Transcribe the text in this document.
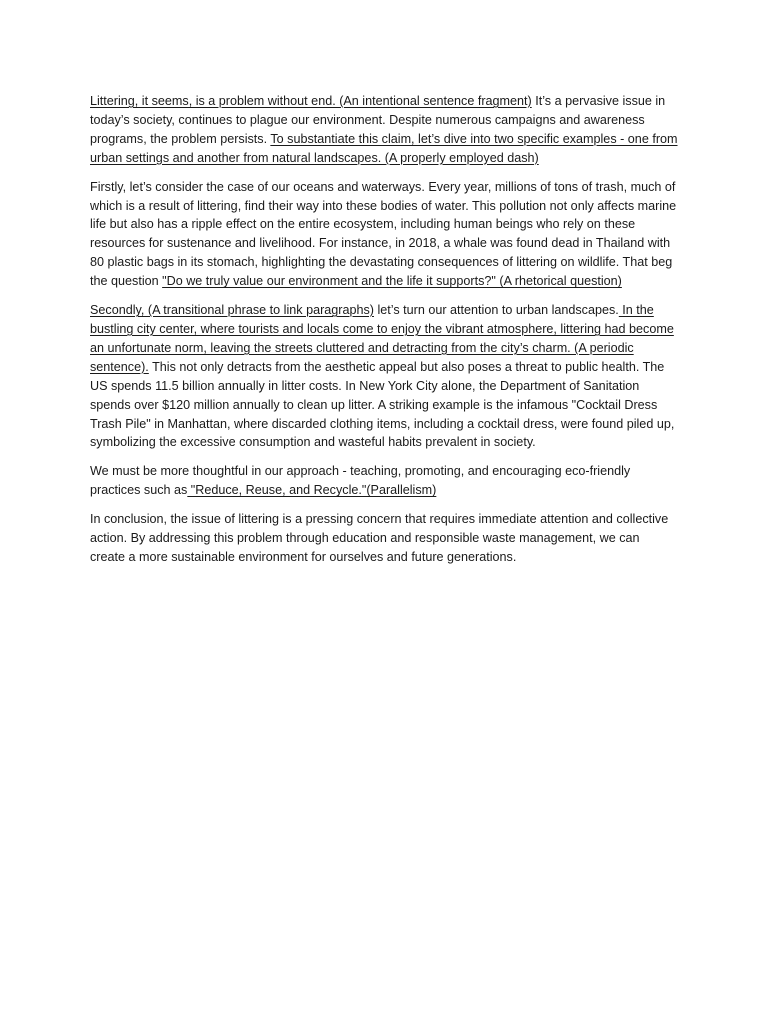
Littering, it seems, is a problem without end. (An intentional sentence fragment) It’s a pervasive issue in today’s society, continues to plague our environment. Despite numerous campaigns and awareness programs, the problem persists. To substantiate this claim, let’s dive into two specific examples - one from urban settings and another from natural landscapes. (A properly employed dash)

Firstly, let’s consider the case of our oceans and waterways. Every year, millions of tons of trash, much of which is a result of littering, find their way into these bodies of water. This pollution not only affects marine life but also has a ripple effect on the entire ecosystem, including human beings who rely on these resources for sustenance and livelihood. For instance, in 2018, a whale was found dead in Thailand with 80 plastic bags in its stomach, highlighting the devastating consequences of littering on wildlife. That beg the question "Do we truly value our environment and the life it supports?" (A rhetorical question)

Secondly, (A transitional phrase to link paragraphs) let’s turn our attention to urban landscapes. In the bustling city center, where tourists and locals come to enjoy the vibrant atmosphere, littering had become an unfortunate norm, leaving the streets cluttered and detracting from the city’s charm. (A periodic sentence). This not only detracts from the aesthetic appeal but also poses a threat to public health. The US spends 11.5 billion annually in litter costs. In New York City alone, the Department of Sanitation spends over $120 million annually to clean up litter. A striking example is the infamous "Cocktail Dress Trash Pile" in Manhattan, where discarded clothing items, including a cocktail dress, were found piled up, symbolizing the excessive consumption and wasteful habits prevalent in society.

We must be more thoughtful in our approach - teaching, promoting, and encouraging eco-friendly practices such as "Reduce, Reuse, and Recycle."(Parallelism)

In conclusion, the issue of littering is a pressing concern that requires immediate attention and collective action. By addressing this problem through education and responsible waste management, we can create a more sustainable environment for ourselves and future generations.
